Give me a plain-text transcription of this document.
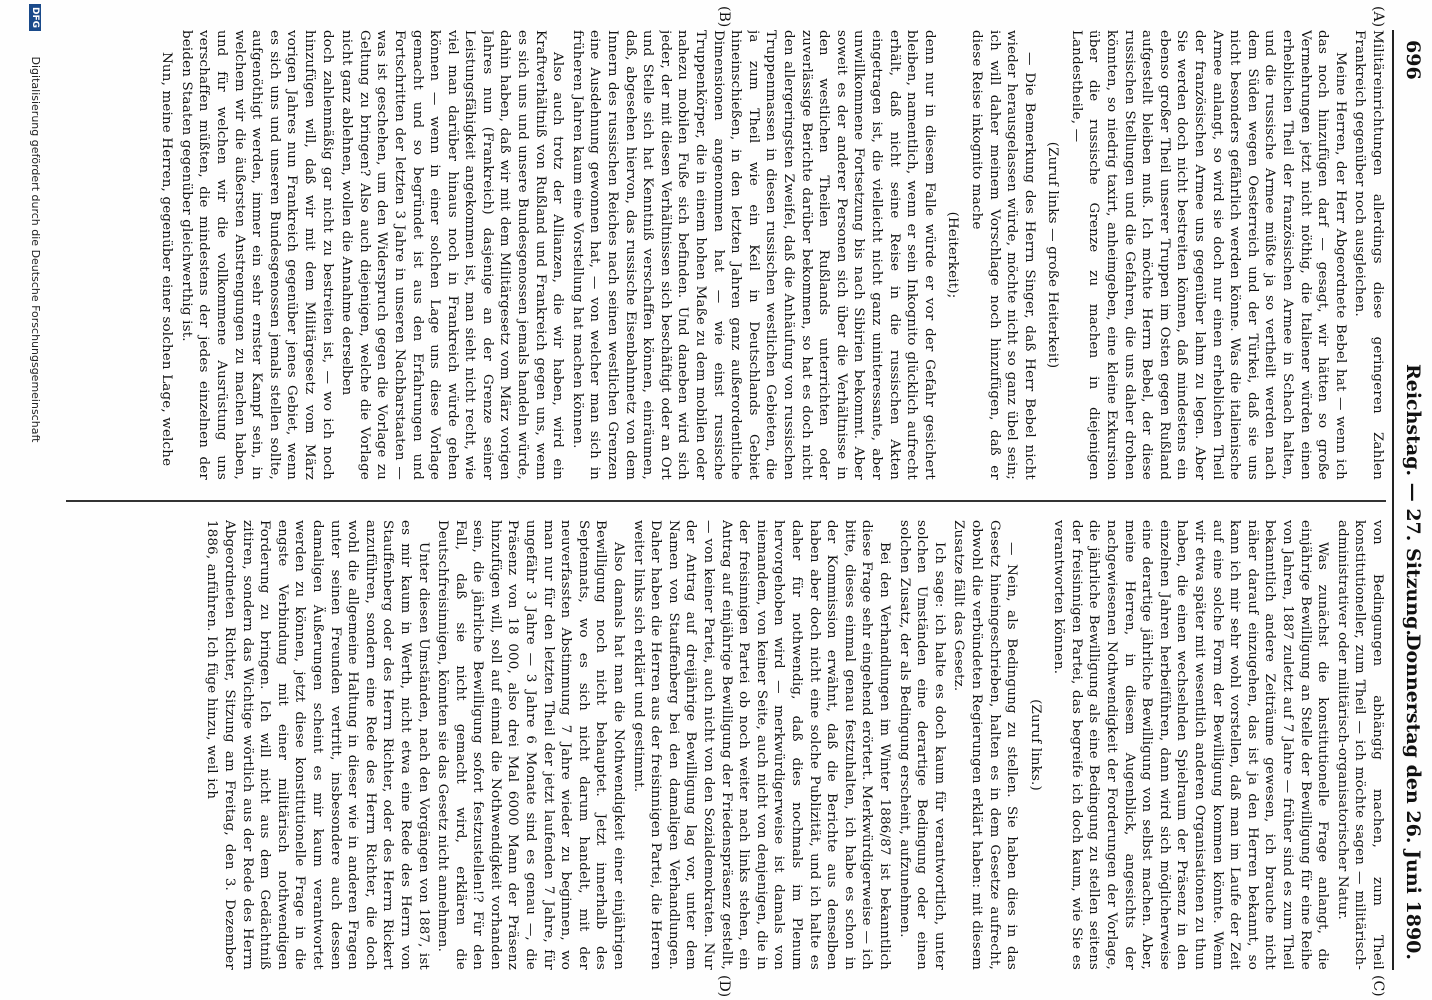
696
Reichstag. — 27. Sitzung.
Donnerstag den 26. Juni 1890.
(A)
(B)
(C)
(D)

Militäreinrichtungen allerdings diese geringeren Zahlen Frankreich gegenüber noch ausgleichen.

Meine Herren, der Herr Abgeordnete Bebel hat — wenn ich das noch hinzufügen darf — gesagt, wir hätten so große Vermehrungen jetzt nicht nöthig, die Italiener würden einen erheblichen Theil der französischen Armee in Schach halten, und die russische Armee müßte ja so vertheilt werden nach dem Süden wegen Oesterreich und der Türkei, daß sie uns nicht besonders gefährlich werden könne. Was die italienische Armee anlangt, so wird sie doch nur einen erheblichen Theil der französischen Armee uns gegenüber lahm zu legen. Aber Sie werden doch nicht bestreiten können, daß mindestens ein ebenso großer Theil unserer Truppen im Osten gegen Rußland aufgestellt bleiben muß. Ich möchte Herrn Bebel, der diese russischen Stellungen und die Gefahren, die uns daher drohen könnten, so niedrig taxirt, anheimgeben, eine kleine Exkursion über die russische Grenze zu machen in diejenigen Landestheile, —

(Zuruf links — große Heiterkeit)

— Die Bemerkung des Herrn Singer, daß Herr Bebel nicht wieder herausgelassen würde, möchte nicht so ganz übel sein; ich will daher meinem Vorschlage noch hinzufügen, daß er diese Reise inkognito mache

(Heiterkeit);

denn nur in diesem Falle würde er vor der Gefahr gesichert bleiben, namentlich, wenn er sein Inkognito glücklich aufrecht erhält, daß nicht seine Reise in die russischen Akten eingetragen ist, die vielleicht nicht ganz uninteressante, aber unwillkommene Fortsetzung bis nach Sibirien bekommt. Aber soweit es der anderer Personen sich über die Verhältnisse in den westlichen Theilen Rußlands unterrichten oder zuverlässige Berichte darüber bekommen, so hat es doch nicht den allergeringsten Zweifel, daß die Anhäufung von russischen Truppenmassen in diesen russischen westlichen Gebieten, die ja zum Theil wie ein Keil in Deutschlands Gebiet hineinschießen, in den letzten Jahren ganz außerordentliche Dimensionen angenommen hat — wie einst russische Truppenkörper, die in einem hohen Maße zu dem mobilen oder nahezu mobilen Fuße sich befinden. Und daneben wird sich jeder, der mit diesen Verhältnissen sich beschäftigt oder an Ort und Stelle sich hat Kenntniß verschaffen können, einräumen, daß, abgesehen hiervon, das russische Eisenbahnnetz von dem Innern des russischen Reiches nach seinen westlichen Grenzen eine Ausdehnung gewonnen hat, — von welcher man sich in früheren Jahren kaum eine Vorstellung hat machen können.

Also auch trotz der Allianzen, die wir haben, wird ein Kraftverhältniß von Rußland und Frankreich gegen uns, wenn es sich uns und unsere Bundesgenossen jemals handeln würde, dahin haben, daß wir mit dem Militärgesetz vom März vorigen Jahres nun (Frankreich) dasjenige an der Grenze seiner Leistungsfähigkeit angekommen ist, man sieht nicht recht, wie viel man darüber hinaus noch in Frankreich würde gehen können — wenn in einer solchen Lage uns diese Vorlage gemacht und so begründet ist aus den Erfahrungen und Fortschritten der letzten 3 Jahre in unseren Nachbarstaaten — was ist geschehen, um den Widerspruch gegen die Vorlage zu Geltung zu bringen? Also auch diejenigen, welche die Vorlage nicht ganz ablehnen, wollen die Annahme derselben

doch zahlenmäßig gar nicht zu bestreiten ist, — wo ich noch hinzufügen will, daß wir mit dem Militärgesetz vom März vorigen Jahres nun Frankreich gegenüber jenes Gebiet, wenn es sich uns und unseren Bundesgenossen jemals stellen sollte, aufgenöthigt werden, immer ein sehr ernster Kampf sein, in welchem wir die äußersten Anstrengungen zu machen haben, und für welchen wir die vollkommene Ausrüstung uns verschaffen müßten, die mindestens der jedes einzelnen der beiden Staaten gegenüber gleichwerthig ist.

Nun, meine Herren, gegenüber einer solchen Lage, welche

von Bedingungen abhängig machen, zum Theil konstitutioneller, zum Theil — ich möchte sagen — militärisch-administrativer oder militärisch-organisatorischer Natur.

Was zunächst die konstitutionelle Frage anlangt, die einjährige Bewilligung an Stelle der Bewilligung für eine Reihe von Jahren, 1887 zuletzt auf 7 Jahre — früher sind es zum Theil bekanntlich andere Zeiträume gewesen, ich brauche nicht näher darauf einzugehen, das ist ja den Herren bekannt, so kann ich mir sehr wohl vorstellen, daß man im Laufe der Zeit auf eine solche Form der Bewilligung kommen könnte. Wenn wir etwa später mit wesentlich anderen Organisationen zu thun haben, die einen wechselnden Spielraum der Präsenz in den einzelnen Jahren herbeiführen, dann wird sich möglicherweise eine derartige jährliche Bewilligung von selbst machen. Aber, meine Herren, in diesem Augenblick, angesichts der nachgewiesenen Nothwendigkeit der Forderungen der Vorlage, die jährliche Bewilligung als eine Bedingung zu stellen seitens der freisinnigen Partei, das begreife ich doch kaum, wie Sie es verantworten können.

(Zuruf links.)

— Nein, als Bedingung zu stellen. Sie haben dies in das Gesetz hineingeschrieben, halten es in dem Gesetze aufrecht, obwohl die verbündeten Regierungen erklärt haben: mit diesem Zusatze fällt das Gesetz.

Ich sage: ich halte es doch kaum für verantwortlich, unter solchen Umständen eine derartige Bedingung oder einen solchen Zusatz, der als Bedingung erscheint, aufzunehmen.

Bei den Verhandlungen im Winter 1886/87 ist bekanntlich diese Frage sehr eingehend erörtert. Merkwürdigerweise — ich bitte, dieses einmal genau festzuhalten, ich habe es schon in der Kommission erwähnt, daß die Berichte aus denselben haben aber doch nicht eine solche Publizität, und ich halte es daher für nothwendig, daß dies nochmals im Plenum hervorgehoben wird — merkwürdigerweise ist damals von niemandem, von keiner Seite, auch nicht von denjenigen, die in der freisinnigen Partei ob noch weiter nach links stehen, ein Antrag auf einjährige Bewilligung der Friedenspräsenz gestellt, — von keiner Partei, auch nicht von den Sozialdemokraten. Nur der Antrag auf dreijährige Bewilligung lag vor, unter dem Namen von Stauffenberg bei den damaligen Verhandlungen. Daher haben die Herren aus der freisinnigen Partei, die Herren weiter links sich erklärt und gestimmt.

Also damals hat man die Nothwendigkeit einer einjährigen Bewilligung noch nicht behauptet. Jetzt innerhalb des Septennats, wo es sich nicht darum handelt, mit der neuverfassten Abstimmung 7 Jahre wieder zu beginnen, wo man nur für den letzten Theil der jetzt laufenden 7 Jahre, für ungefähr 3 Jahre — 3 Jahre 6 Monate sind es genau —, die Präsenz von 18 000, also drei Mal 6000 Mann der Präsenz hinzufügen will, soll auf einmal die Nothwendigkeit vorhanden sein, die jährliche Bewilligung sofort festzustellen!? Für den Fall, daß sie nicht gemacht wird, erklären die Deutschfreisinnigen, könnten sie das Gesetz nicht annehmen.

Unter diesen Umständen, nach den Vorgängen von 1887, ist es mir kaum in Werth, nicht etwa eine Rede des Herrn von Stauffenberg oder des Herrn Richter, oder des Herrn Rickert anzuführen, sondern eine Rede des Herrn Richter, die doch wohl die allgemeine Haltung in dieser wie in anderen Fragen unter seinen Freunden vertritt, insbesondere auch dessen damaligen Äußerungen scheint es mir kaum verantwortet werden zu können, jetzt diese konstitutionelle Frage in die engste Verbindung mit einer militärisch nothwendigen Forderung zu bringen. Ich will nicht aus dem Gedächtniß zitiren, sondern das Wichtige wörtlich aus der Rede des Herrn Abgeordneten Richter, Sitzung am Freitag, den 3. Dezember 1886, anführen. Ich füge hinzu, weil ich

DFG Digitalisierung gefördert durch die Deutsche Forschungsgemeinschaft
